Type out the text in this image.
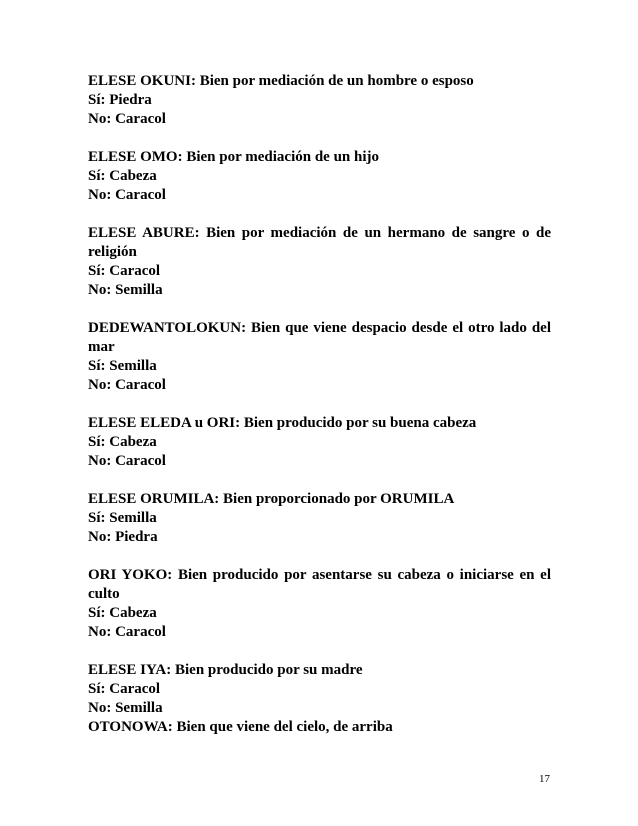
ELESE OKUNI: Bien por mediación de un hombre o esposo

Sí: Piedra

No: Caracol

ELESE OMO: Bien por mediación de un hijo

Sí: Cabeza

No: Caracol

ELESE ABURE: Bien por mediación de un hermano de sangre o de religión

Sí: Caracol

No: Semilla

DEDEWANTOLOKUN: Bien que viene despacio desde el otro lado del mar

Sí: Semilla

No: Caracol

ELESE ELEDA u ORI: Bien producido por su buena cabeza

Sí: Cabeza

No: Caracol

ELESE ORUMILA: Bien proporcionado por ORUMILA

Sí: Semilla

No: Piedra

ORI YOKO: Bien producido por asentarse su cabeza o iniciarse en el culto

Sí: Cabeza

No: Caracol

ELESE IYA: Bien producido por su madre

Sí: Caracol

No: Semilla

OTONOWA: Bien que viene del cielo, de arriba

17
